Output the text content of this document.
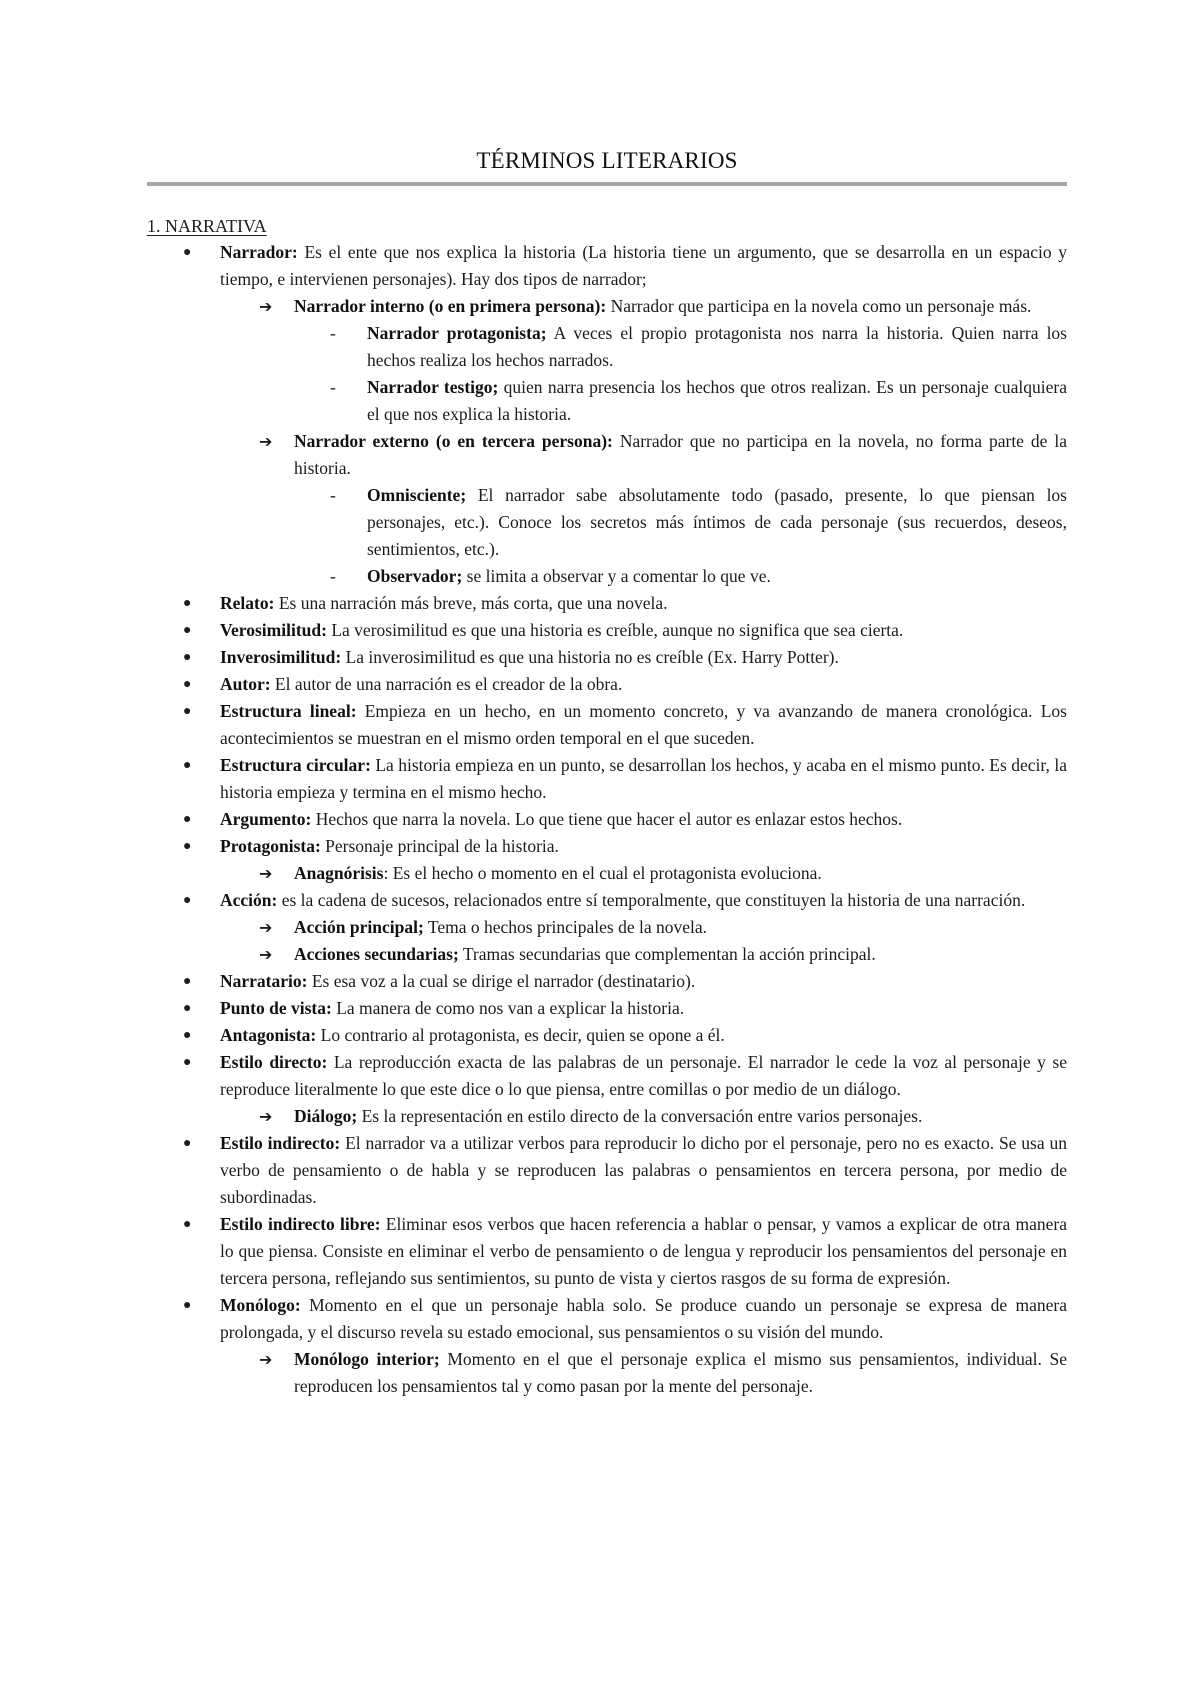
TÉRMINOS LITERARIOS
1. NARRATIVA
● Narrador: Es el ente que nos explica la historia (La historia tiene un argumento, que se desarrolla en un espacio y tiempo, e intervienen personajes). Hay dos tipos de narrador;
➔ Narrador interno (o en primera persona): Narrador que participa en la novela como un personaje más.
- Narrador protagonista; A veces el propio protagonista nos narra la historia. Quien narra los hechos realiza los hechos narrados.
- Narrador testigo; quien narra presencia los hechos que otros realizan. Es un personaje cualquiera el que nos explica la historia.
➔ Narrador externo (o en tercera persona): Narrador que no participa en la novela, no forma parte de la historia.
- Omnisciente; El narrador sabe absolutamente todo (pasado, presente, lo que piensan los personajes, etc.). Conoce los secretos más íntimos de cada personaje (sus recuerdos, deseos, sentimientos, etc.).
- Observador; se limita a observar y a comentar lo que ve.
● Relato: Es una narración más breve, más corta, que una novela.
● Verosimilitud: La verosimilitud es que una historia es creíble, aunque no significa que sea cierta.
● Inverosimilitud: La inverosimilitud es que una historia no es creíble (Ex. Harry Potter).
● Autor: El autor de una narración es el creador de la obra.
● Estructura lineal: Empieza en un hecho, en un momento concreto, y va avanzando de manera cronológica. Los acontecimientos se muestran en el mismo orden temporal en el que suceden.
● Estructura circular: La historia empieza en un punto, se desarrollan los hechos, y acaba en el mismo punto. Es decir, la historia empieza y termina en el mismo hecho.
● Argumento: Hechos que narra la novela. Lo que tiene que hacer el autor es enlazar estos hechos.
● Protagonista: Personaje principal de la historia.
➔ Anagnórisis: Es el hecho o momento en el cual el protagonista evoluciona.
● Acción: es la cadena de sucesos, relacionados entre sí temporalmente, que constituyen la historia de una narración.
➔ Acción principal; Tema o hechos principales de la novela.
➔ Acciones secundarias; Tramas secundarias que complementan la acción principal.
● Narratario: Es esa voz a la cual se dirige el narrador (destinatario).
● Punto de vista: La manera de como nos van a explicar la historia.
● Antagonista: Lo contrario al protagonista, es decir, quien se opone a él.
● Estilo directo: La reproducción exacta de las palabras de un personaje. El narrador le cede la voz al personaje y se reproduce literalmente lo que este dice o lo que piensa, entre comillas o por medio de un diálogo.
➔ Diálogo; Es la representación en estilo directo de la conversación entre varios personajes.
● Estilo indirecto: El narrador va a utilizar verbos para reproducir lo dicho por el personaje, pero no es exacto. Se usa un verbo de pensamiento o de habla y se reproducen las palabras o pensamientos en tercera persona, por medio de subordinadas.
● Estilo indirecto libre: Eliminar esos verbos que hacen referencia a hablar o pensar, y vamos a explicar de otra manera lo que piensa. Consiste en eliminar el verbo de pensamiento o de lengua y reproducir los pensamientos del personaje en tercera persona, reflejando sus sentimientos, su punto de vista y ciertos rasgos de su forma de expresión.
● Monólogo: Momento en el que un personaje habla solo. Se produce cuando un personaje se expresa de manera prolongada, y el discurso revela su estado emocional, sus pensamientos o su visión del mundo.
➔ Monólogo interior; Momento en el que el personaje explica el mismo sus pensamientos, individual. Se reproducen los pensamientos tal y como pasan por la mente del personaje.
